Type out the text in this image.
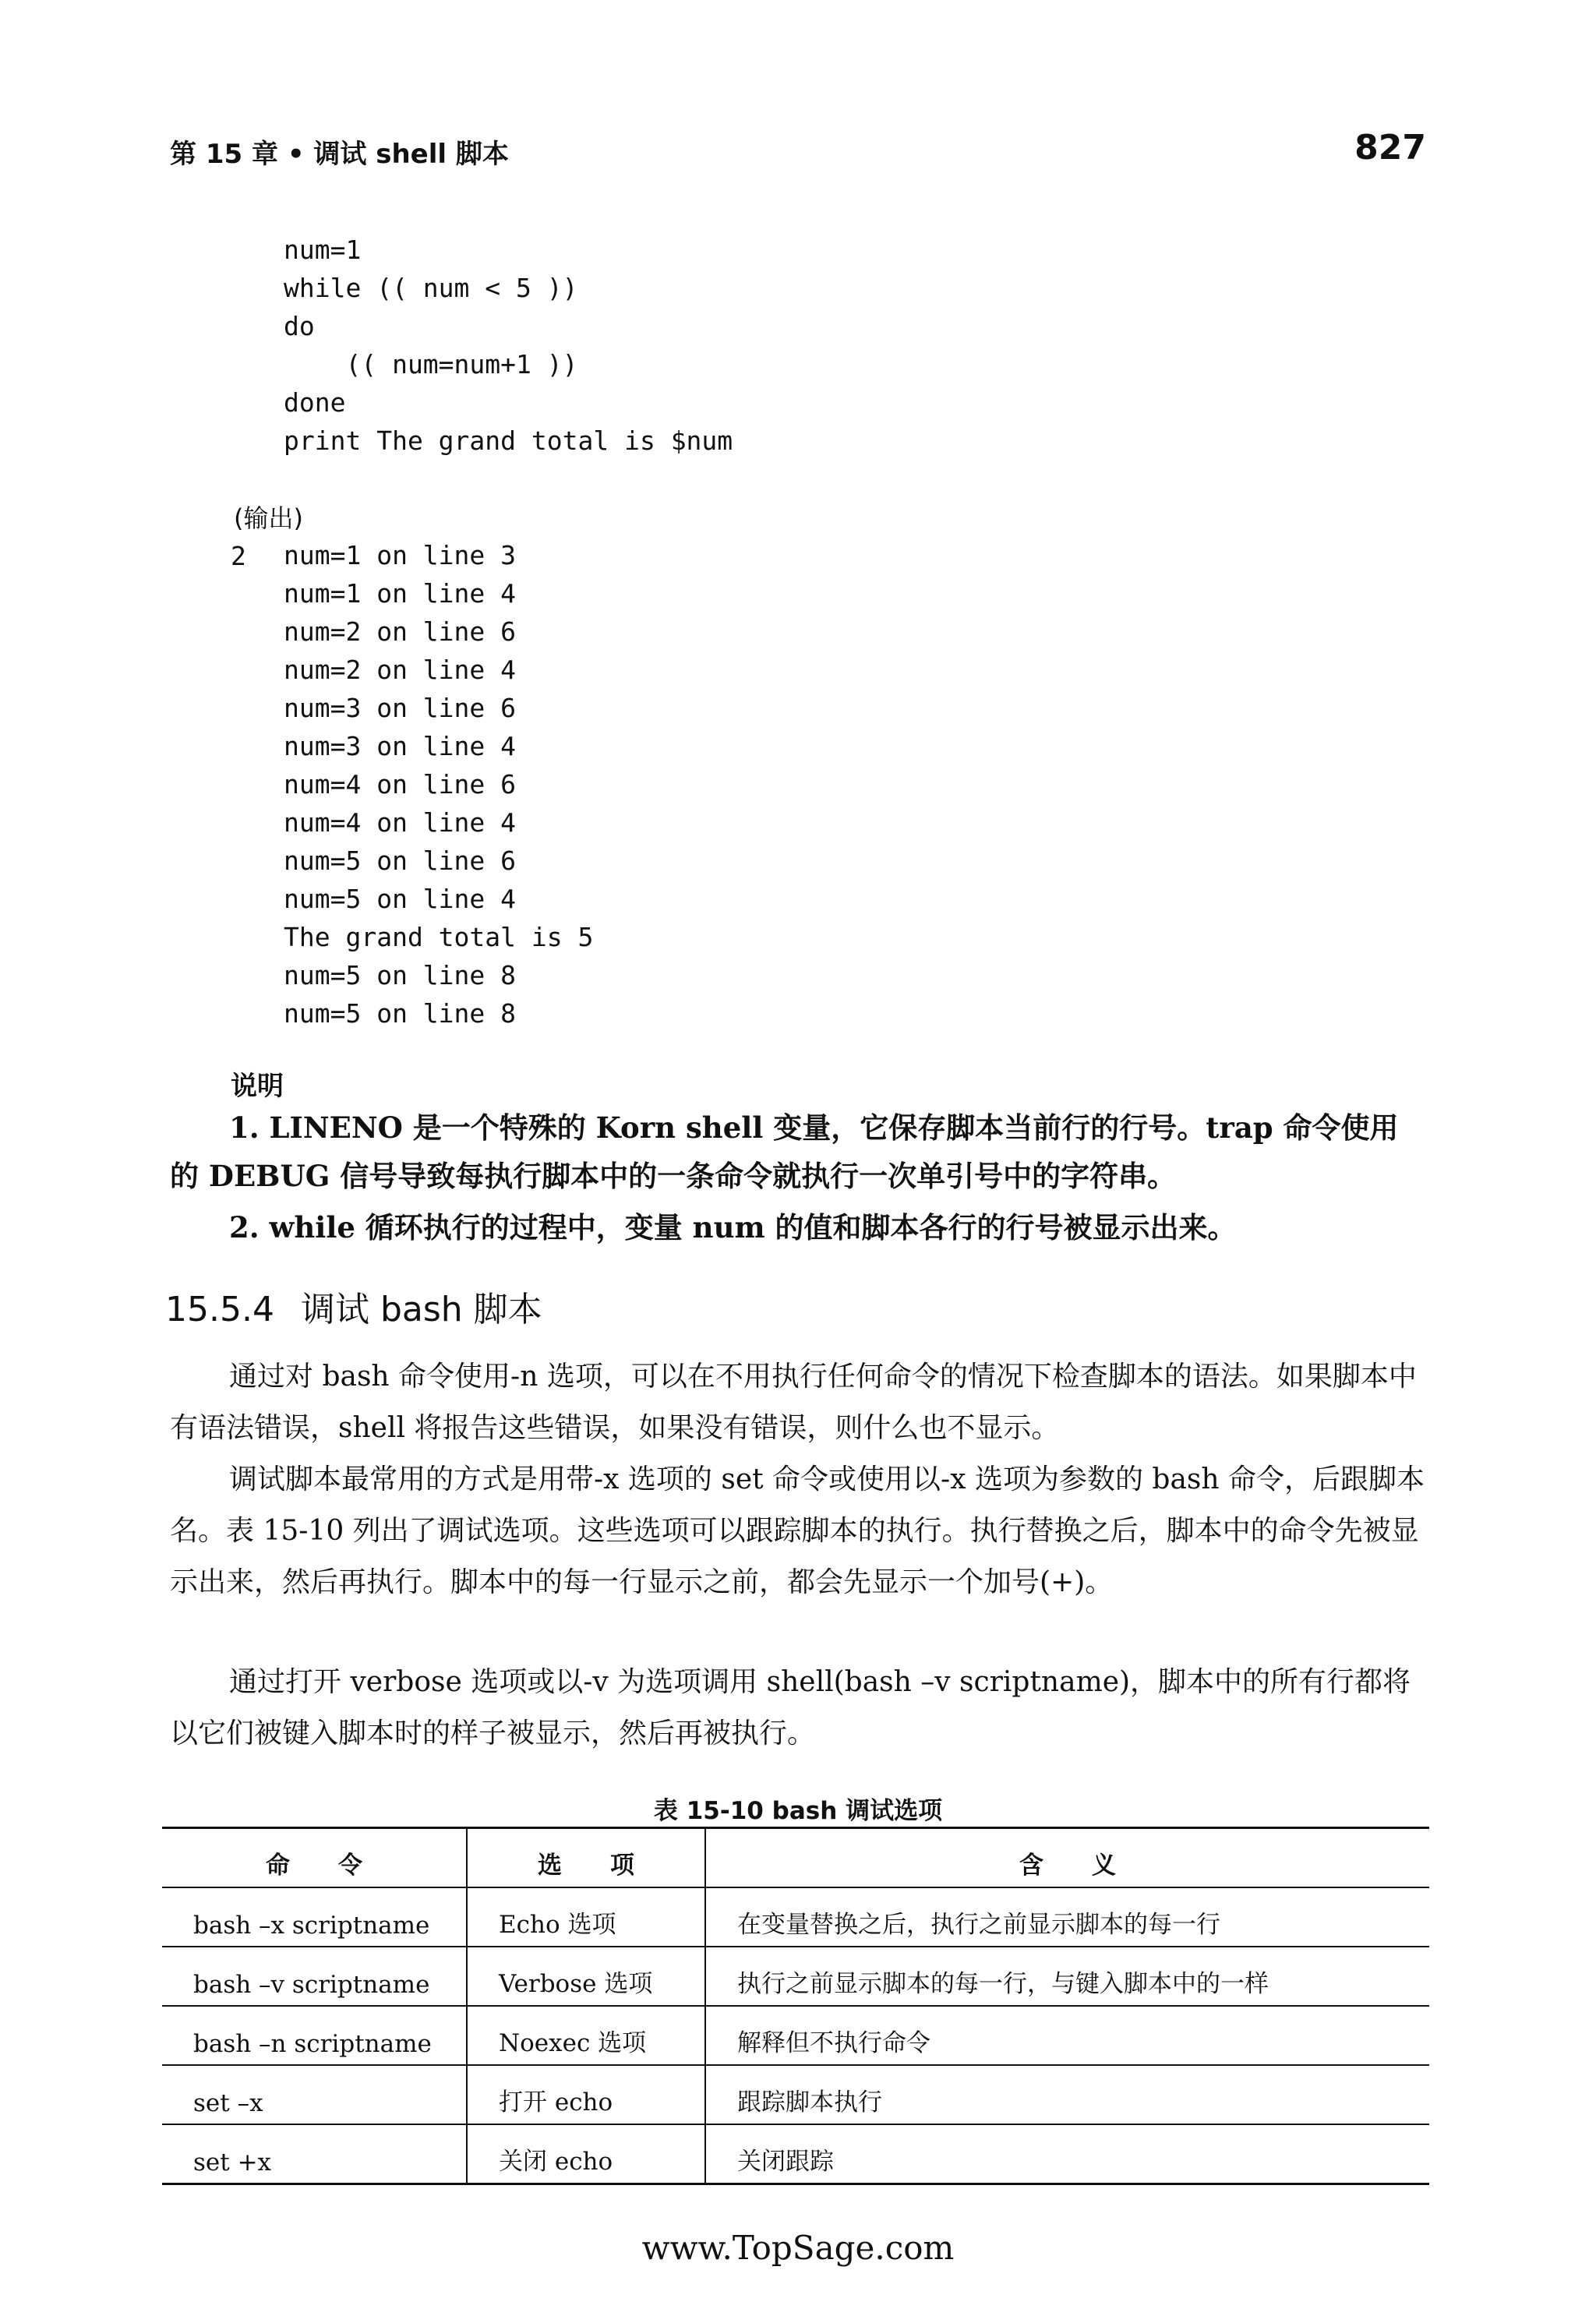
第 15 章 • 调试 shell 脚本	827
num=1
while (( num < 5 ))
do
(( num=num+1 ))
done
print The grand total is $num
(输出)
2 num=1 on line 3
num=1 on line 4
num=2 on line 6
num=2 on line 4
num=3 on line 6
num=3 on line 4
num=4 on line 6
num=4 on line 4
num=5 on line 6
num=5 on line 4
The grand total is 5
num=5 on line 8
num=5 on line 8
说明
1. LINENO 是一个特殊的 Korn shell 变量，它保存脚本当前行的行号。trap 命令使用的 DEBUG 信号导致每执行脚本中的一条命令就执行一次单引号中的字符串。
2. while 循环执行的过程中，变量 num 的值和脚本各行的行号被显示出来。
15.5.4 调试 bash 脚本
通过对 bash 命令使用-n 选项，可以在不用执行任何命令的情况下检查脚本的语法。如果脚本中有语法错误，shell 将报告这些错误，如果没有错误，则什么也不显示。
调试脚本最常用的方式是用带-x 选项的 set 命令或使用以-x 选项为参数的 bash 命令，后跟脚本名。表 15-10 列出了调试选项。这些选项可以跟踪脚本的执行。执行替换之后，脚本中的命令先被显示出来，然后再执行。脚本中的每一行显示之前，都会先显示一个加号(+)。
通过打开 verbose 选项或以-v 为选项调用 shell(bash –v scriptname)，脚本中的所有行都将以它们被键入脚本时的样子被显示，然后再被执行。
表 15-10 bash 调试选项
命　　令	选　　项	含　　义
bash –x scriptname	Echo 选项	在变量替换之后，执行之前显示脚本的每一行
bash –v scriptname	Verbose 选项	执行之前显示脚本的每一行，与键入脚本中的一样
bash –n scriptname	Noexec 选项	解释但不执行命令
set –x	打开 echo	跟踪脚本执行
set +x	关闭 echo	关闭跟踪
www.TopSage.com
